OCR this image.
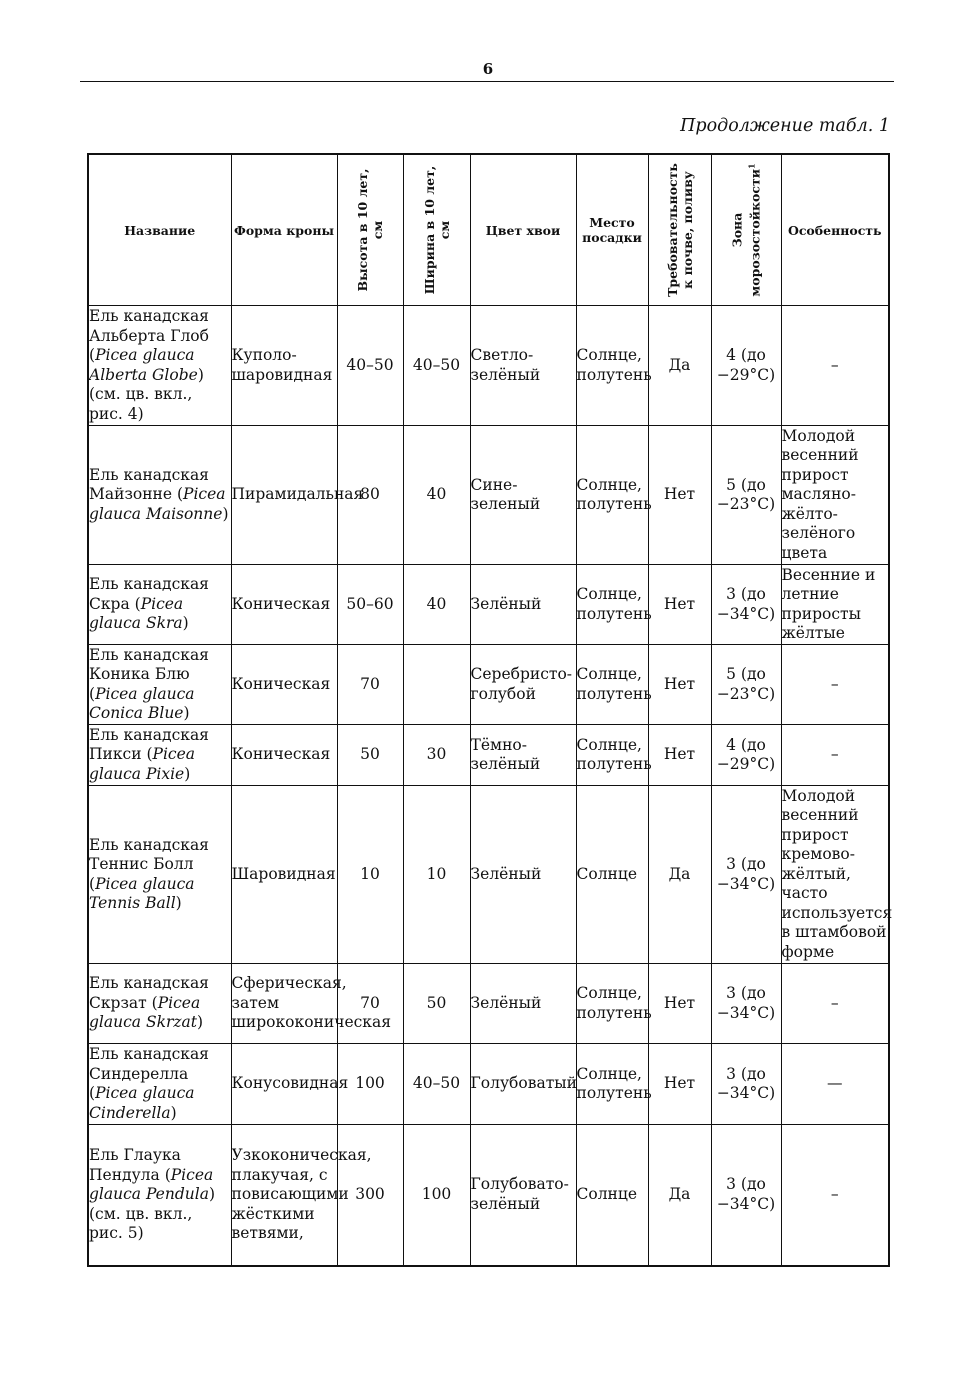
6
Продолжение табл. 1
Название	Форма кроны	Высота в 10 лет, см	Ширина в 10 лет, см	Цвет хвои	Место посадки	Требовательность к почве, поливу	Зона морозостойкости$^1$	Особенность
Ель канадская Альберта Глоб (Picea glauca Alberta Globe) (см. цв. вкл., рис. 4)	Куполо-шаровидная	40–50	40–50	Светло-зелёный	Солнце, полутень	Да	4 (до −29°C)	–
Ель канадская Майзонне (Picea glauca Maisonne)	Пирамидальная	80	40	Сине-зеленый	Солнце, полутень	Нет	5 (до −23°C)	Молодой весенний прирост масляно-жёлто-зелёного цвета
Ель канадская Скра (Picea glauca Skra)	Коническая	50–60	40	Зелёный	Солнце, полутень	Нет	3 (до −34°C)	Весенние и летние приросты жёлтые
Ель канадская Коника Блю (Picea glauca Conica Blue)	Коническая	70		Серебристо-голубой	Солнце, полутень	Нет	5 (до −23°C)	–
Ель канадская Пикси (Picea glauca Pixie)	Коническая	50	30	Тёмно-зелёный	Солнце, полутень	Нет	4 (до −29°C)	–
Ель канадская Теннис Болл (Picea glauca Tennis Ball)	Шаровидная	10	10	Зелёный	Солнце	Да	3 (до −34°C)	Молодой весенний прирост кремово-жёлтый, часто используется в штамбовой форме
Ель канадская Скрзат (Picea glauca Skrzat)	Сферическая, затем ширококоническая	70	50	Зелёный	Солнце, полутень	Нет	3 (до −34°C)	–
Ель канадская Синдерелла (Picea glauca Cinderella)	Конусовидная	100	40–50	Голубоватый	Солнце, полутень	Нет	3 (до −34°C)	—
Ель Глаука Пендула (Picea glauca Pendula) (см. цв. вкл., рис. 5)	Узкоконическая, плакучая, с повисающими жёсткими ветвями,	300	100	Голубовато-зелёный	Солнце	Да	3 (до −34°C)	–
